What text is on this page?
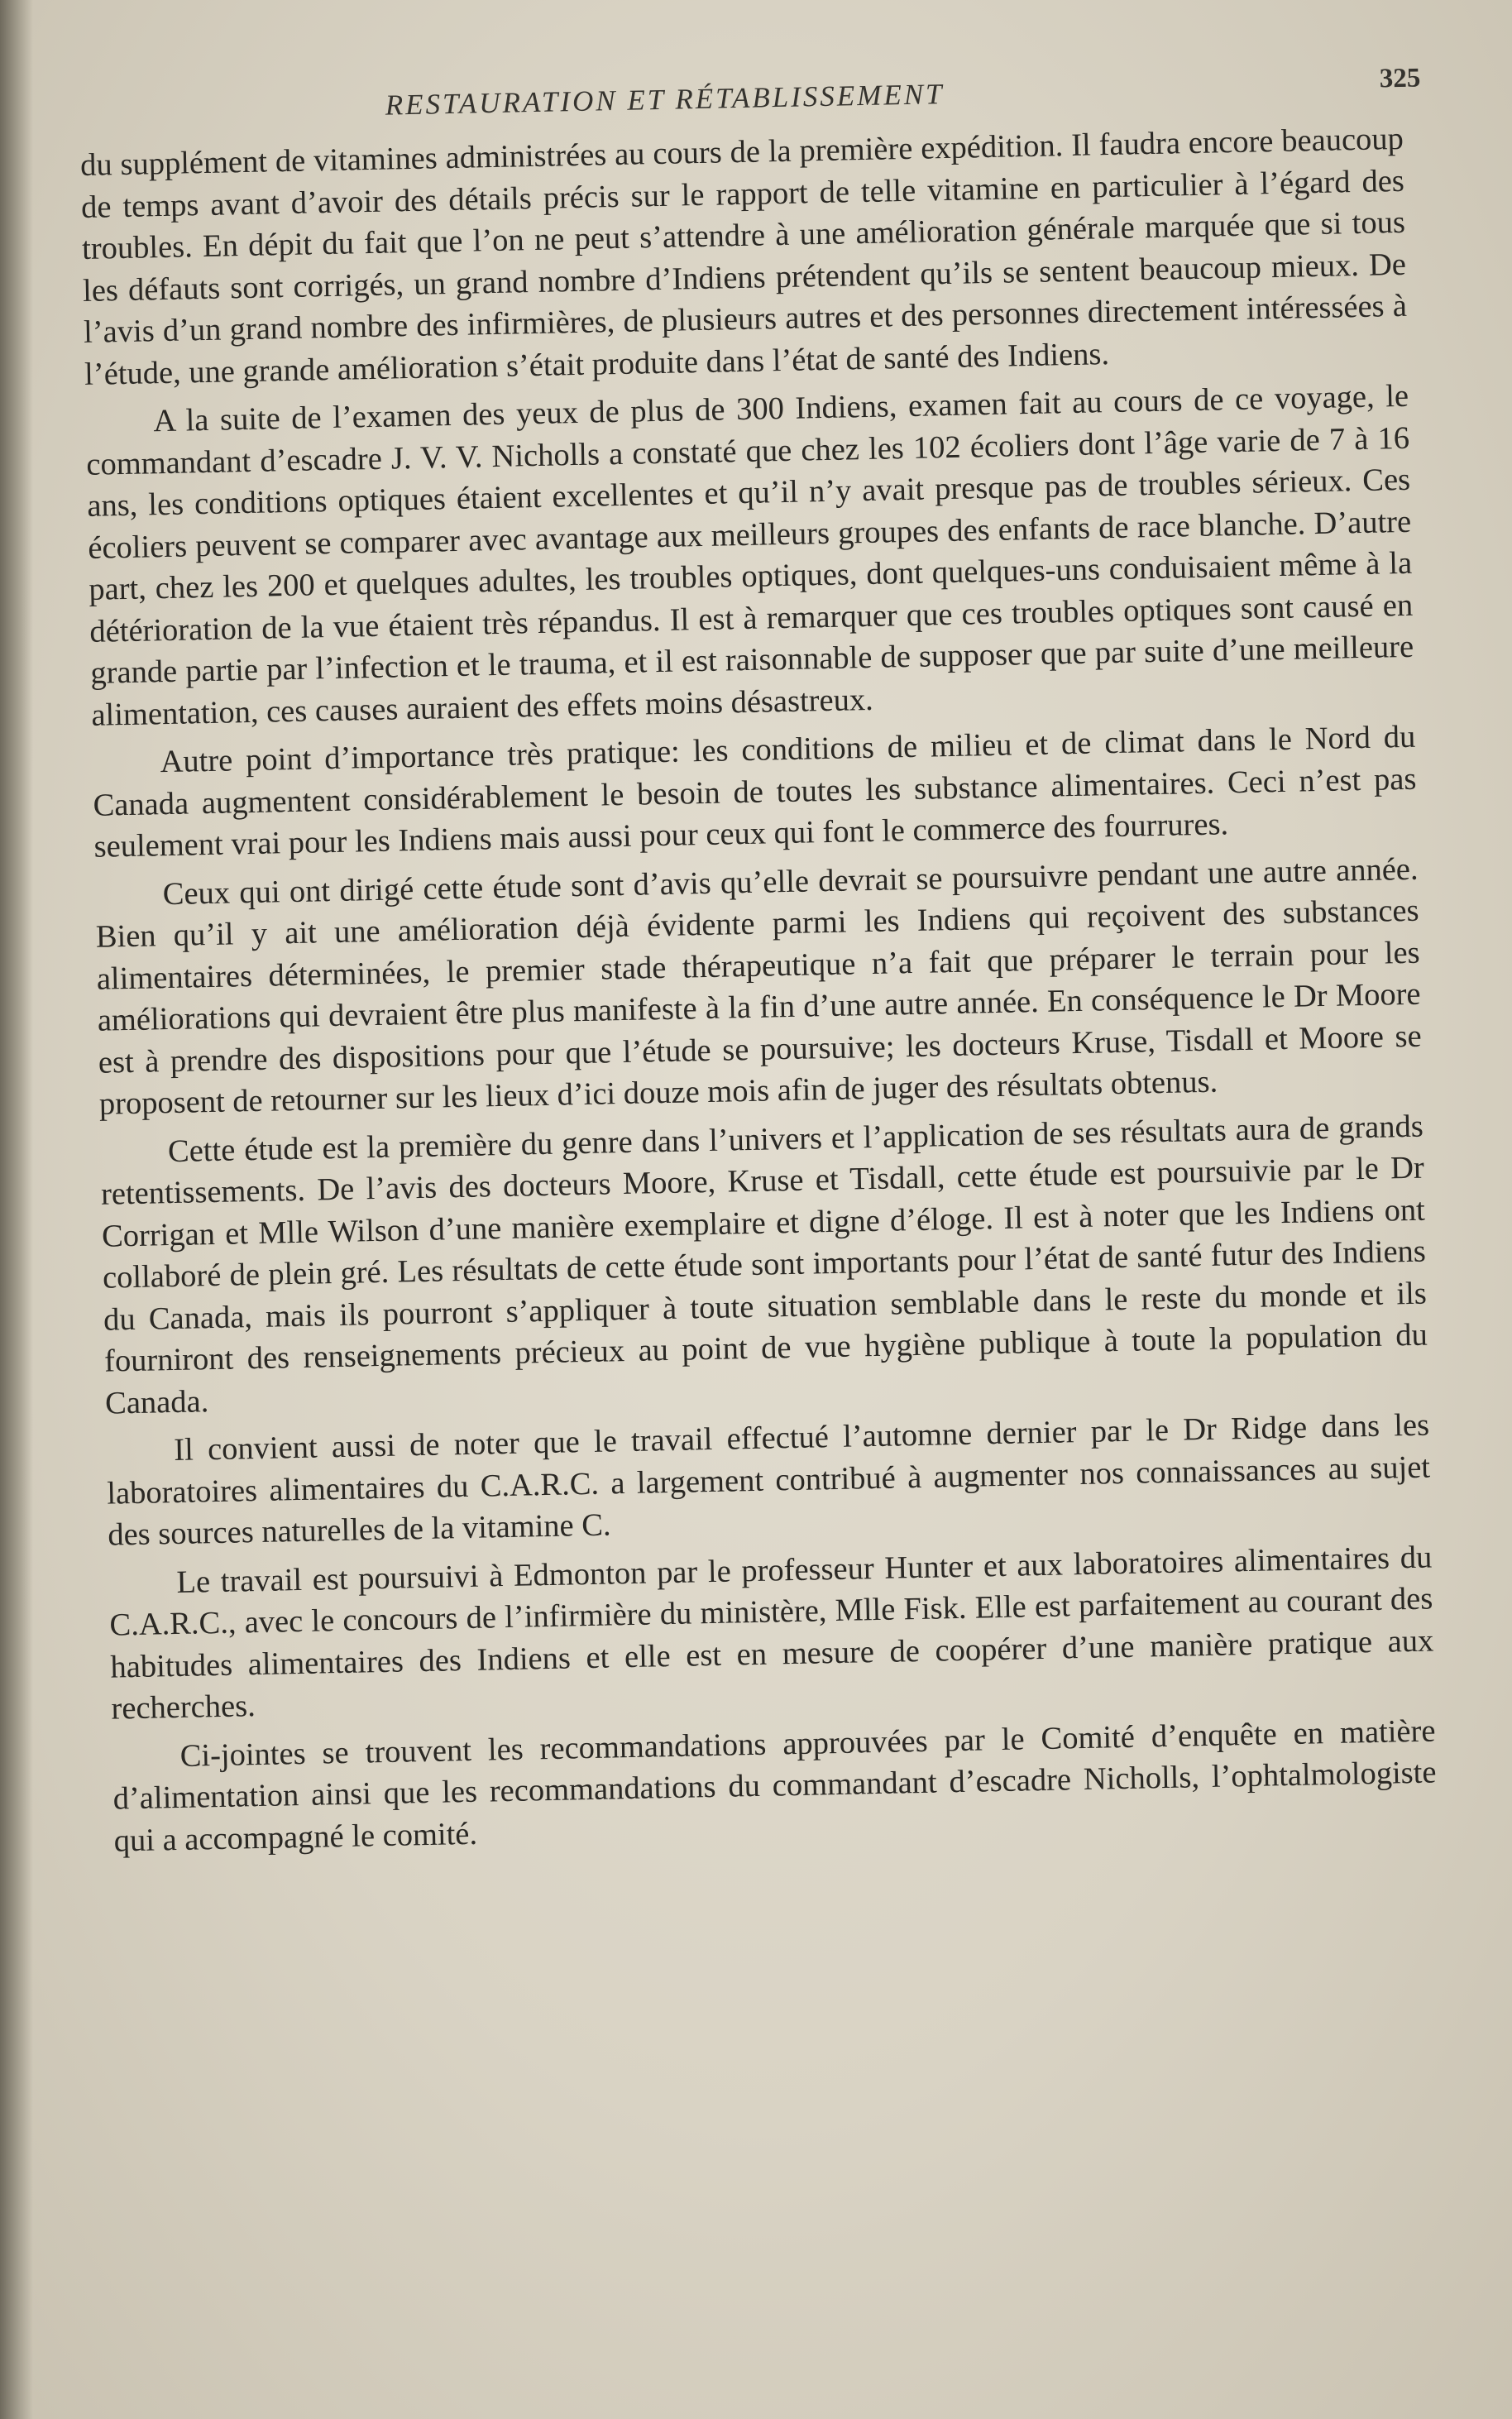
RESTAURATION ET RÉTABLISSEMENT	325

du supplément de vitamines administrées au cours de la première expédition. Il faudra encore beaucoup de temps avant d’avoir des détails précis sur le rapport de telle vitamine en particulier à l’égard des troubles. En dépit du fait que l’on ne peut s’attendre à une amélioration générale marquée que si tous les défauts sont corrigés, un grand nombre d’Indiens prétendent qu’ils se sentent beaucoup mieux. De l’avis d’un grand nombre des infirmières, de plusieurs autres et des personnes directement intéressées à l’étude, une grande amélioration s’était produite dans l’état de santé des Indiens.

A la suite de l’examen des yeux de plus de 300 Indiens, examen fait au cours de ce voyage, le commandant d’escadre J. V. V. Nicholls a constaté que chez les 102 écoliers dont l’âge varie de 7 à 16 ans, les conditions optiques étaient excellentes et qu’il n’y avait presque pas de troubles sérieux. Ces écoliers peuvent se comparer avec avantage aux meilleurs groupes des enfants de race blanche. D’autre part, chez les 200 et quelques adultes, les troubles optiques, dont quelques-uns conduisaient même à la détérioration de la vue étaient très répandus. Il est à remarquer que ces troubles optiques sont causé en grande partie par l’infection et le trauma, et il est raisonnable de supposer que par suite d’une meilleure alimentation, ces causes auraient des effets moins désastreux.

Autre point d’importance très pratique: les conditions de milieu et de climat dans le Nord du Canada augmentent considérablement le besoin de toutes les substance alimentaires. Ceci n’est pas seulement vrai pour les Indiens mais aussi pour ceux qui font le commerce des fourrures.

Ceux qui ont dirigé cette étude sont d’avis qu’elle devrait se poursuivre pendant une autre année. Bien qu’il y ait une amélioration déjà évidente parmi les Indiens qui reçoivent des substances alimentaires déterminées, le premier stade thérapeutique n’a fait que préparer le terrain pour les améliorations qui devraient être plus manifeste à la fin d’une autre année. En conséquence le Dr Moore est à prendre des dispositions pour que l’étude se poursuive; les docteurs Kruse, Tisdall et Moore se proposent de retourner sur les lieux d’ici douze mois afin de juger des résultats obtenus.

Cette étude est la première du genre dans l’univers et l’application de ses résultats aura de grands retentissements. De l’avis des docteurs Moore, Kruse et Tisdall, cette étude est poursuivie par le Dr Corrigan et Mlle Wilson d’une manière exemplaire et digne d’éloge. Il est à noter que les Indiens ont collaboré de plein gré. Les résultats de cette étude sont importants pour l’état de santé futur des Indiens du Canada, mais ils pourront s’appliquer à toute situation semblable dans le reste du monde et ils fourniront des renseignements précieux au point de vue hygiène publique à toute la population du Canada.

Il convient aussi de noter que le travail effectué l’automne dernier par le Dr Ridge dans les laboratoires alimentaires du C.A.R.C. a largement contribué à augmenter nos connaissances au sujet des sources naturelles de la vitamine C.

Le travail est poursuivi à Edmonton par le professeur Hunter et aux laboratoires alimentaires du C.A.R.C., avec le concours de l’infirmière du ministère, Mlle Fisk. Elle est parfaitement au courant des habitudes alimentaires des Indiens et elle est en mesure de coopérer d’une manière pratique aux recherches.

Ci-jointes se trouvent les recommandations approuvées par le Comité d’enquête en matière d’alimentation ainsi que les recommandations du commandant d’escadre Nicholls, l’ophtalmologiste qui a accompagné le comité.
